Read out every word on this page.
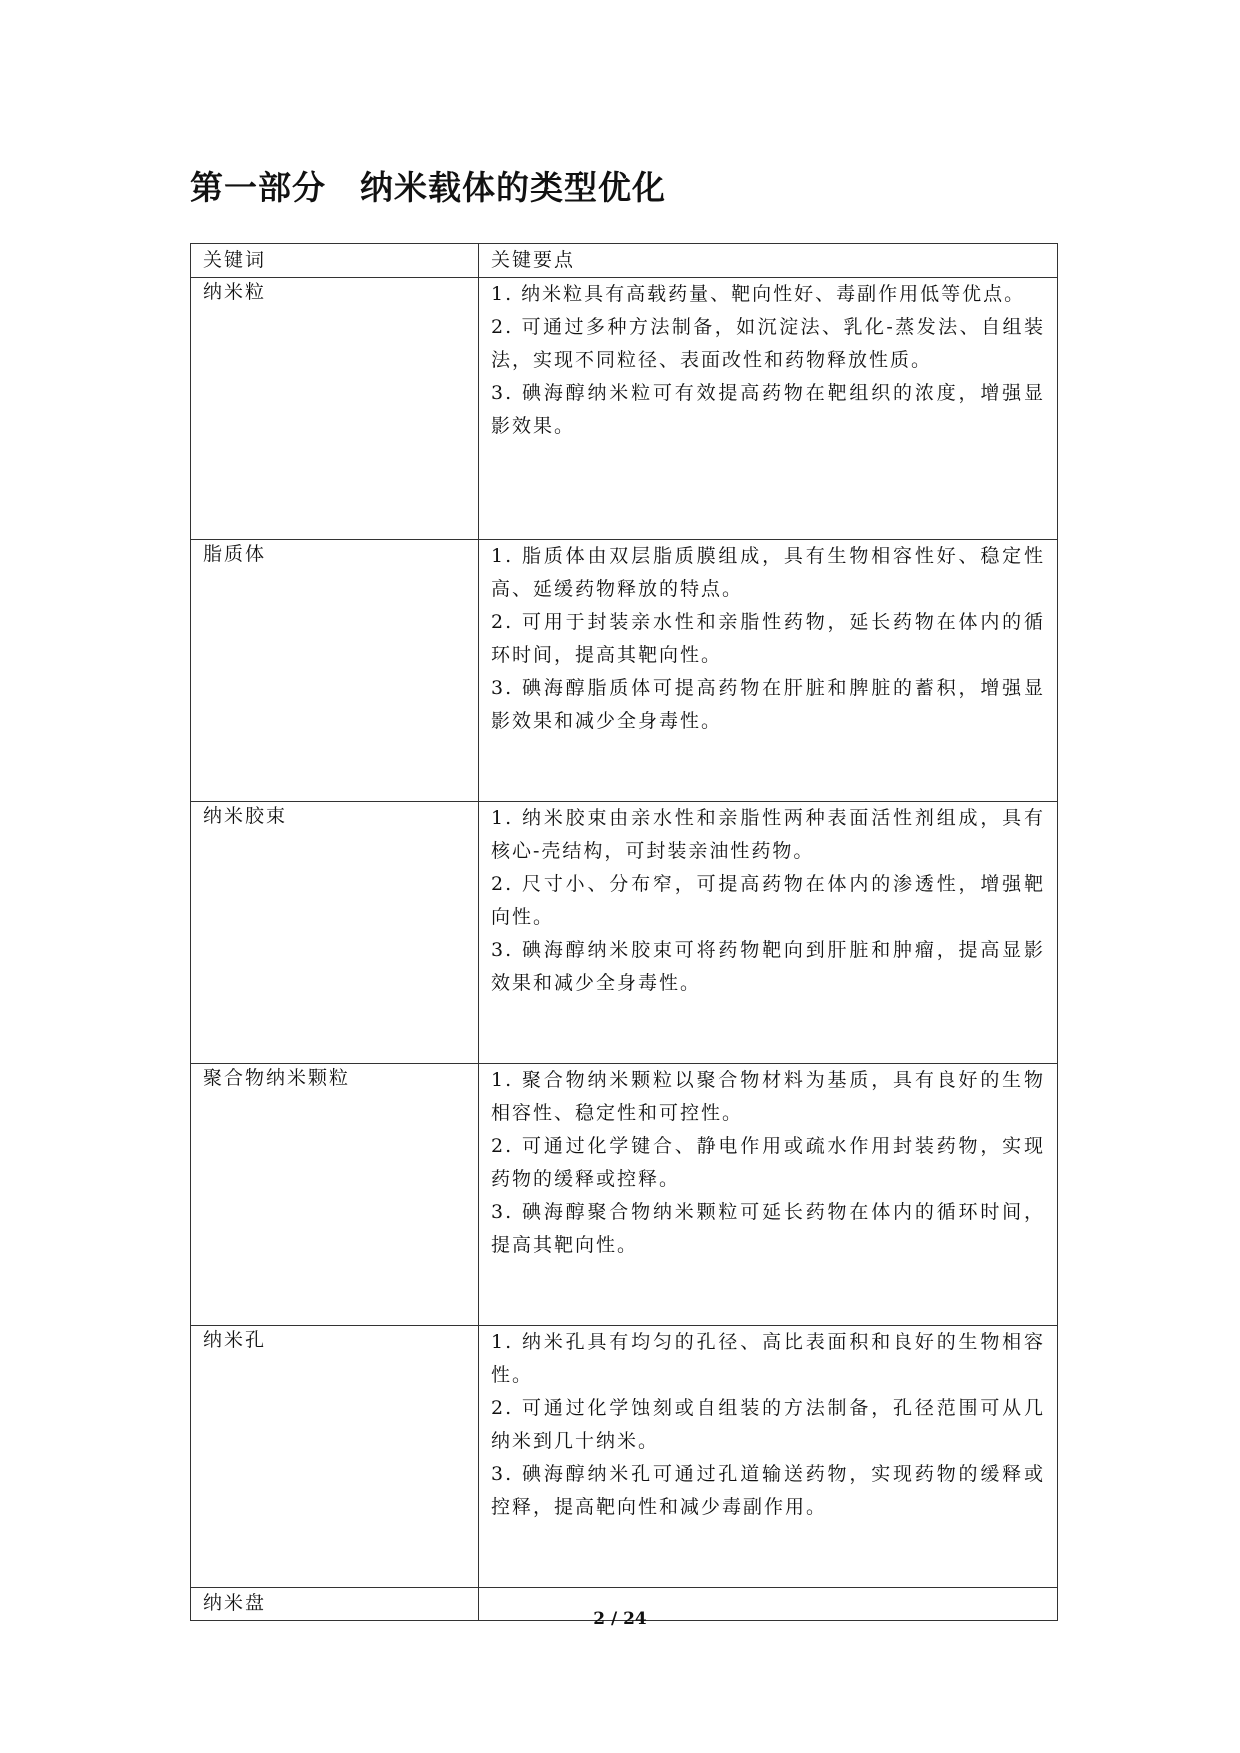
第一部分　纳米载体的类型优化
关键词	关键要点
纳米粒	1. 纳米粒具有高载药量、靶向性好、毒副作用低等优点。
2. 可通过多种方法制备，如沉淀法、乳化-蒸发法、自组装法，实现不同粒径、表面改性和药物释放性质。
3. 碘海醇纳米粒可有效提高药物在靶组织的浓度，增强显影效果。

脂质体	1. 脂质体由双层脂质膜组成，具有生物相容性好、稳定性高、延缓药物释放的特点。
2. 可用于封装亲水性和亲脂性药物，延长药物在体内的循环时间，提高其靶向性。
3. 碘海醇脂质体可提高药物在肝脏和脾脏的蓄积，增强显影效果和减少全身毒性。

纳米胶束	1. 纳米胶束由亲水性和亲脂性两种表面活性剂组成，具有核心-壳结构，可封装亲油性药物。
2. 尺寸小、分布窄，可提高药物在体内的渗透性，增强靶向性。
3. 碘海醇纳米胶束可将药物靶向到肝脏和肿瘤，提高显影效果和减少全身毒性。

聚合物纳米颗粒	1. 聚合物纳米颗粒以聚合物材料为基质，具有良好的生物相容性、稳定性和可控性。
2. 可通过化学键合、静电作用或疏水作用封装药物，实现药物的缓释或控释。
3. 碘海醇聚合物纳米颗粒可延长药物在体内的循环时间，提高其靶向性。

纳米孔	1. 纳米孔具有均匀的孔径、高比表面积和良好的生物相容性。
2. 可通过化学蚀刻或自组装的方法制备，孔径范围可从几纳米到几十纳米。
3. 碘海醇纳米孔可通过孔道输送药物，实现药物的缓释或控释，提高靶向性和减少毒副作用。

纳米盘	
2 / 24
